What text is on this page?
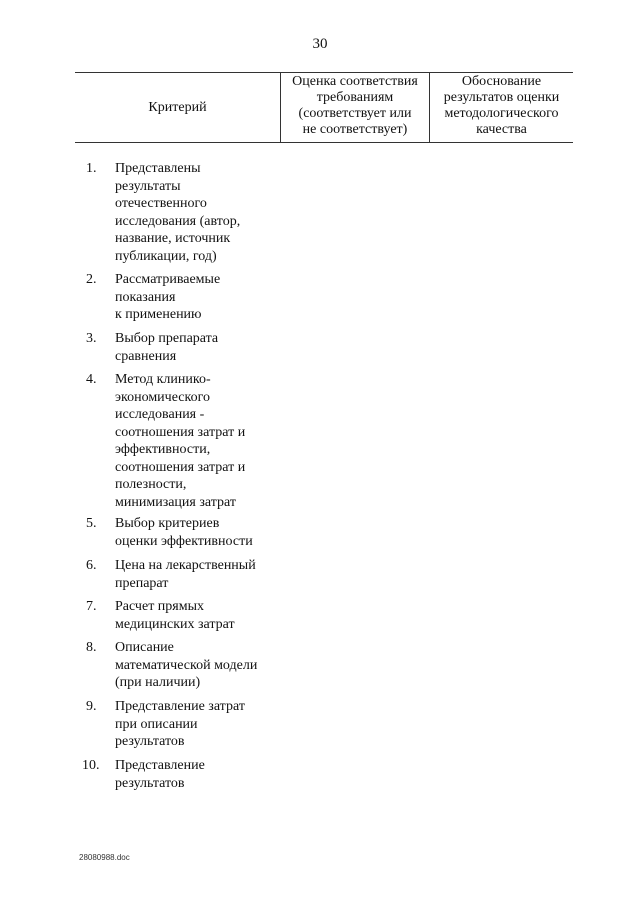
30
Критерий
Оценка соответствия
требованиям
(соответствует или
не соответствует)
Обоснование
результатов оценки
методологического
качества
1. Представлены
результаты
отечественного
исследования (автор,
название, источник
публикации, год)
2. Рассматриваемые
показания
к применению
3. Выбор препарата
сравнения
4. Метод клинико-
экономического
исследования -
соотношения затрат и
эффективности,
соотношения затрат и
полезности,
минимизация затрат
5. Выбор критериев
оценки эффективности
6. Цена на лекарственный
препарат
7. Расчет прямых
медицинских затрат
8. Описание
математической модели
(при наличии)
9. Представление затрат
при описании
результатов
10. Представление
результатов
28080988.doc
